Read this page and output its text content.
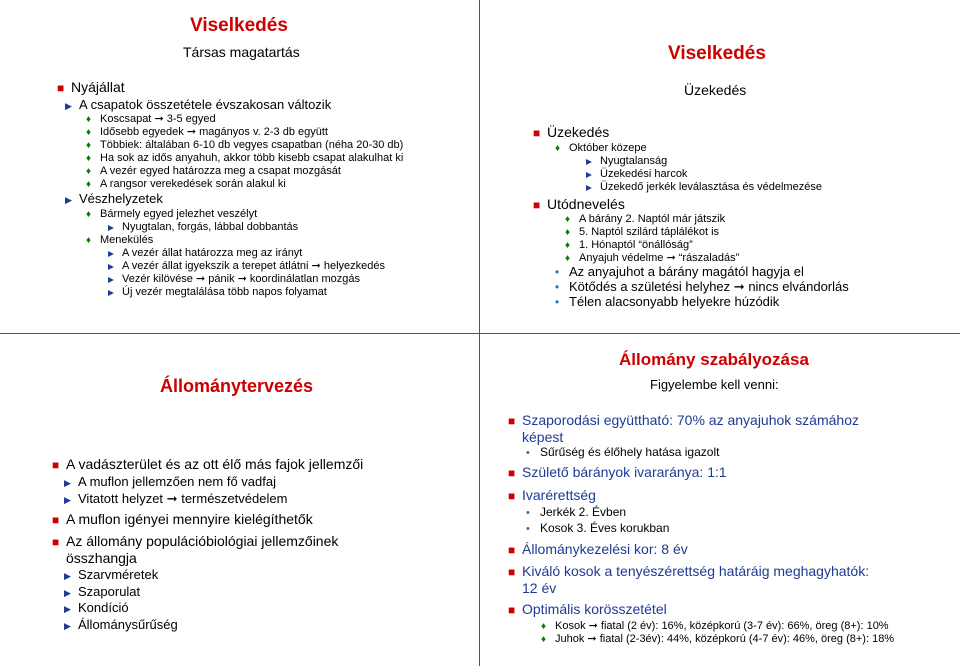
Viselkedés
Társas magatartás
■ Nyájállat
▶ A csapatok összetétele évszakosan változik
♦ Koscsapat ➞ 3-5 egyed
♦ Idősebb egyedek ➞ magányos v. 2-3 db együtt
♦ Többiek: általában 6-10 db vegyes csapatban (néha 20-30 db)
♦ Ha sok az idős anyahuh, akkor több kisebb csapat alakulhat ki
♦ A vezér egyed határozza meg a csapat mozgását
♦ A rangsor verekedések során alakul ki
▶ Vészhelyzetek
♦ Bármely egyed jelezhet veszélyt
▶ Nyugtalan, forgás, lábbal dobbantás
♦ Menekülés
▶ A vezér állat határozza meg az irányt
▶ A vezér állat igyekszik a terepet átlátni ➞ helyezkedés
▶ Vezér kilövése ➞ pánik ➞ koordinálatlan mozgás
▶ Új vezér megtalálása több napos folyamat
Viselkedés
Üzekedés
■ Üzekedés
♦ Október közepe
▶ Nyugtalanság
▶ Üzekedési harcok
▶ Üzekedő jerkék leválasztása és védelmezése
■ Utódnevelés
♦ A bárány 2. Naptól már játszik
♦ 5. Naptól szilárd táplálékot is
♦ 1. Hónaptól “önállóság”
♦ Anyajuh védelme ➞ “rászaladás”
• Az anyajuhot a bárány magától hagyja el
• Kötődés a születési helyhez ➞ nincs elvándorlás
• Télen alacsonyabb helyekre húzódik
Állománytervezés
■ A vadászterület és az ott élő más fajok jellemzői
▶ A muflon jellemzően nem fő vadfaj
▶ Vitatott helyzet ➞ természetvédelem
■ A muflon igényei mennyire kielégíthetők
■ Az állomány populációbiológiai jellemzőinek
összhangja
▶ Szarvméretek
▶ Szaporulat
▶ Kondíció
▶ Állománysűrűség
Állomány szabályozása
Figyelembe kell venni:
■ Szaporodási együttható: 70% az anyajuhok számához
képest
• Sűrűség és élőhely hatása igazolt
■ Születő bárányok ivararánya: 1:1
■ Ivarérettség
• Jerkék 2. Évben
• Kosok 3. Éves korukban
■ Állománykezelési kor: 8 év
■ Kiváló kosok a tenyészérettség határáig meghagyhatók:
12 év
■ Optimális korösszetétel
♦ Kosok ➞ fiatal (2 év): 16%, középkorú (3-7 év): 66%, öreg (8+): 10%
♦ Juhok ➞ fiatal (2-3év): 44%, középkorú (4-7 év): 46%, öreg (8+): 18%
